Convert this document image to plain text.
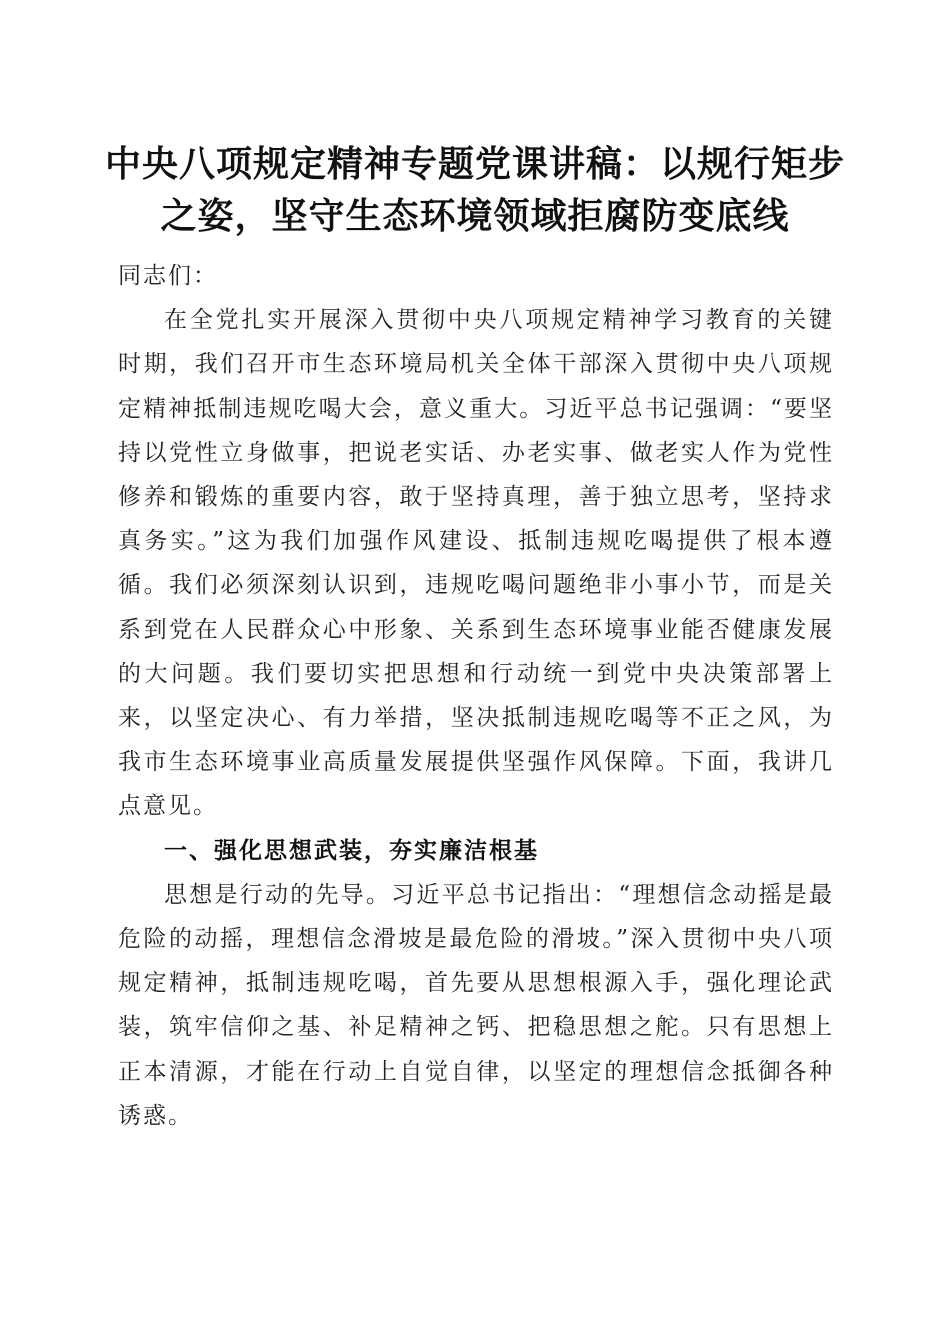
中央八项规定精神专题党课讲稿：以规行矩步之姿，坚守生态环境领域拒腐防变底线

同志们：

在全党扎实开展深入贯彻中央八项规定精神学习教育的关键时期，我们召开市生态环境局机关全体干部深入贯彻中央八项规定精神抵制违规吃喝大会，意义重大。习近平总书记强调：“要坚持以党性立身做事，把说老实话、办老实事、做老实人作为党性修养和锻炼的重要内容，敢于坚持真理，善于独立思考，坚持求真务实。”这为我们加强作风建设、抵制违规吃喝提供了根本遵循。我们必须深刻认识到，违规吃喝问题绝非小事小节，而是关系到党在人民群众心中形象、关系到生态环境事业能否健康发展的大问题。我们要切实把思想和行动统一到党中央决策部署上来，以坚定决心、有力举措，坚决抵制违规吃喝等不正之风，为我市生态环境事业高质量发展提供坚强作风保障。下面，我讲几点意见。

一、强化思想武装，夯实廉洁根基

思想是行动的先导。习近平总书记指出：“理想信念动摇是最危险的动摇，理想信念滑坡是最危险的滑坡。”深入贯彻中央八项规定精神，抵制违规吃喝，首先要从思想根源入手，强化理论武装，筑牢信仰之基、补足精神之钙、把稳思想之舵。只有思想上正本清源，才能在行动上自觉自律，以坚定的理想信念抵御各种诱惑。
